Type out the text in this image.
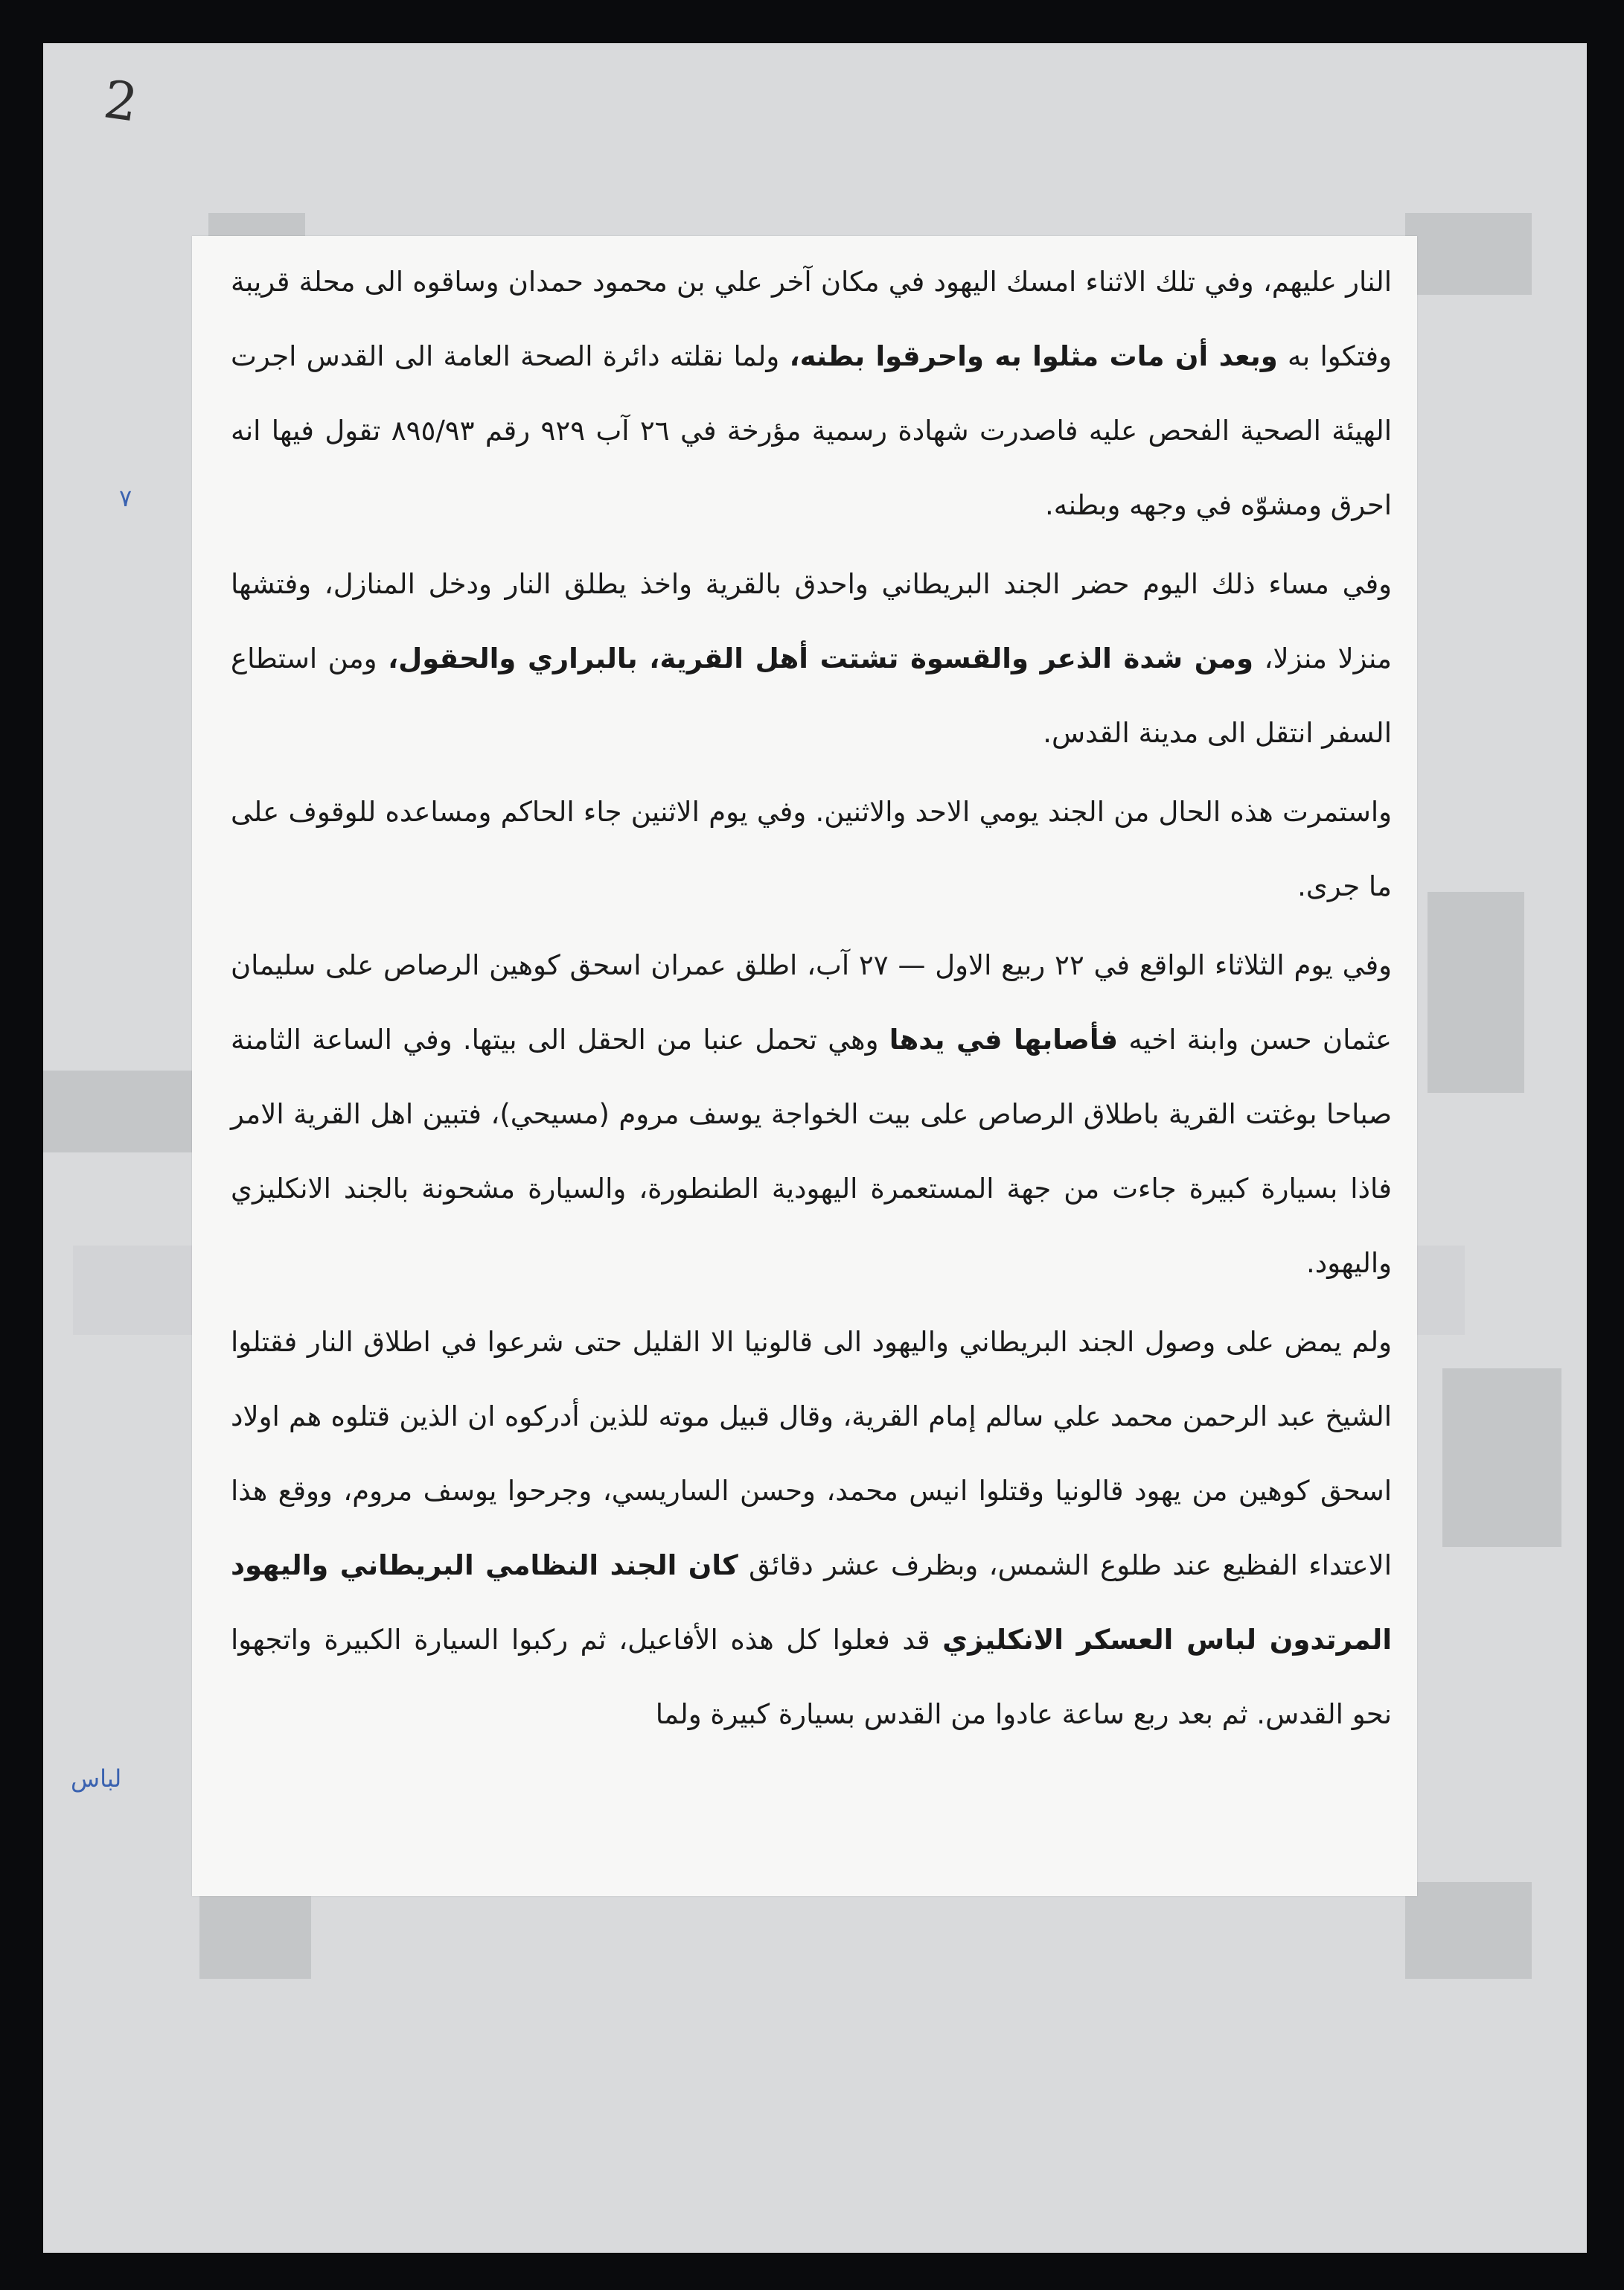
2
٧
لباس

النار عليهم، وفي تلك الاثناء امسك اليهود في مكان آخر علي بن محمود حمدان وساقوه الى محلة قريبة وفتكوا به وبعد أن مات مثلوا به واحرقوا بطنه، ولما نقلته دائرة الصحة العامة الى القدس اجرت الهيئة الصحية الفحص عليه فاصدرت شهادة رسمية مؤرخة في ٢٦ آب ٩٢٩ رقم ٨٩٥/٩٣ تقول فيها انه احرق ومشوّه في وجهه وبطنه.

وفي مساء ذلك اليوم حضر الجند البريطاني واحدق بالقرية واخذ يطلق النار ودخل المنازل، وفتشها منزلا منزلا، ومن شدة الذعر والقسوة تشتت أهل القرية، بالبراري والحقول، ومن استطاع السفر انتقل الى مدينة القدس.

واستمرت هذه الحال من الجند يومي الاحد والاثنين. وفي يوم الاثنين جاء الحاكم ومساعده للوقوف على ما جرى.

وفي يوم الثلاثاء الواقع في ٢٢ ربيع الاول — ٢٧ آب، اطلق عمران اسحق كوهين الرصاص على سليمان عثمان حسن وابنة اخيه فأصابها في يدها وهي تحمل عنبا من الحقل الى بيتها. وفي الساعة الثامنة صباحا بوغتت القرية باطلاق الرصاص على بيت الخواجة يوسف مروم (مسيحي)، فتبين اهل القرية الامر فاذا بسيارة كبيرة جاءت من جهة المستعمرة اليهودية الطنطورة، والسيارة مشحونة بالجند الانكليزي واليهود.

ولم يمض على وصول الجند البريطاني واليهود الى قالونيا الا القليل حتى شرعوا في اطلاق النار فقتلوا الشيخ عبد الرحمن محمد علي سالم إمام القرية، وقال قبيل موته للذين أدركوه ان الذين قتلوه هم اولاد اسحق كوهين من يهود قالونيا وقتلوا انيس محمد، وحسن الساريسي، وجرحوا يوسف مروم، ووقع هذا الاعتداء الفظيع عند طلوع الشمس، وبظرف عشر دقائق كان الجند النظامي البريطاني واليهود المرتدون لباس العسكر الانكليزي قد فعلوا كل هذه الأفاعيل، ثم ركبوا السيارة الكبيرة واتجهوا نحو القدس. ثم بعد ربع ساعة عادوا من القدس بسيارة كبيرة ولما
